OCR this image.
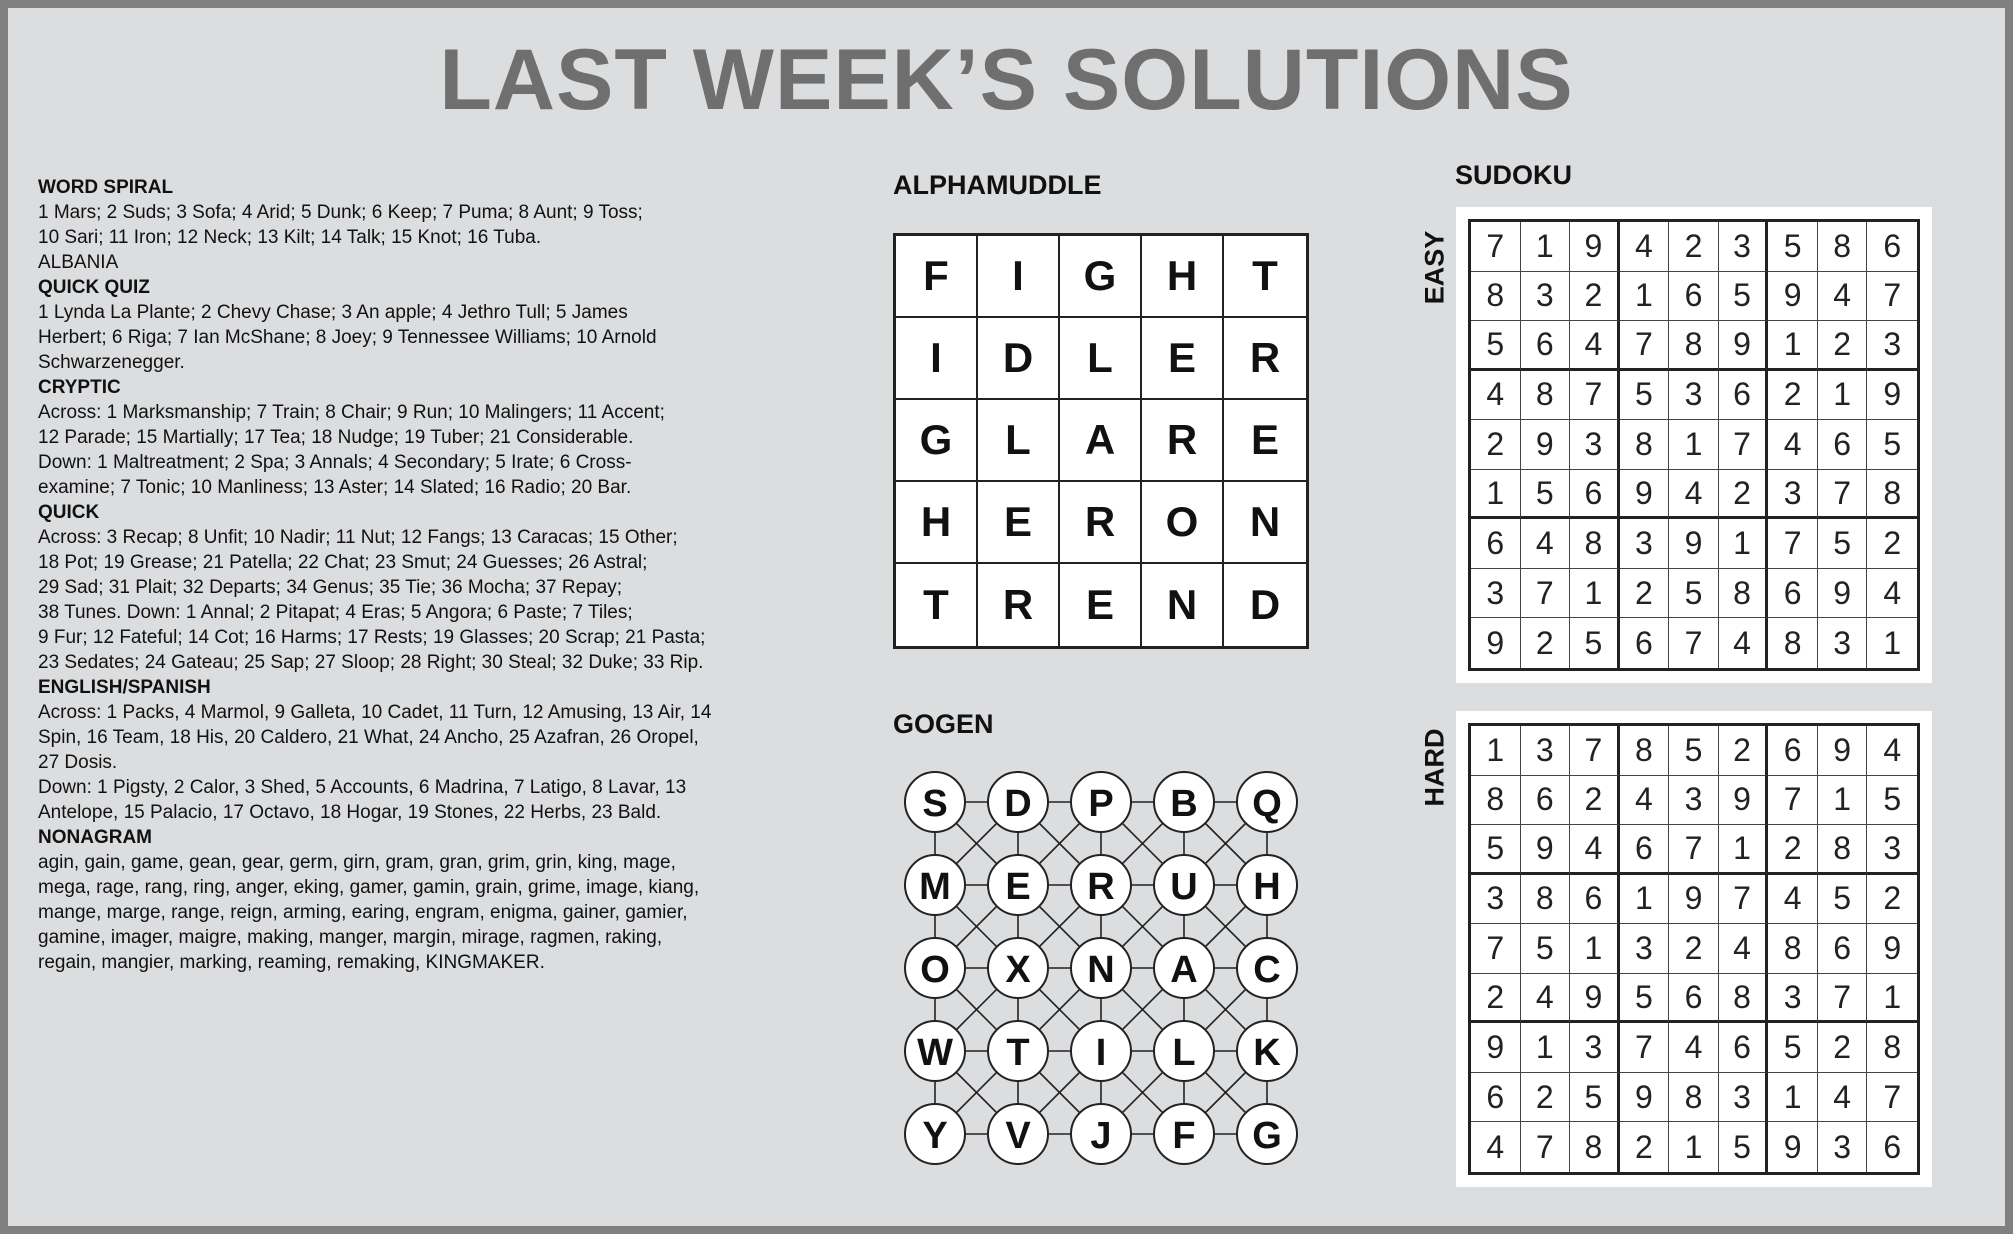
LAST WEEK’S SOLUTIONS
WORD SPIRAL
1 Mars; 2 Suds; 3 Sofa; 4 Arid; 5 Dunk; 6 Keep; 7 Puma; 8 Aunt; 9 Toss;
10 Sari; 11 Iron; 12 Neck; 13 Kilt; 14 Talk; 15 Knot; 16 Tuba.
ALBANIA
QUICK QUIZ
1 Lynda La Plante; 2 Chevy Chase; 3 An apple; 4 Jethro Tull; 5 James
Herbert; 6 Riga; 7 Ian McShane; 8 Joey; 9 Tennessee Williams; 10 Arnold
Schwarzenegger.
CRYPTIC
Across: 1 Marksmanship; 7 Train; 8 Chair; 9 Run; 10 Malingers; 11 Accent;
12 Parade; 15 Martially; 17 Tea; 18 Nudge; 19 Tuber; 21 Considerable.
Down: 1 Maltreatment; 2 Spa; 3 Annals; 4 Secondary; 5 Irate; 6 Cross-
examine; 7 Tonic; 10 Manliness; 13 Aster; 14 Slated; 16 Radio; 20 Bar.
QUICK
Across: 3 Recap; 8 Unfit; 10 Nadir; 11 Nut; 12 Fangs; 13 Caracas; 15 Other;
18 Pot; 19 Grease; 21 Patella; 22 Chat; 23 Smut; 24 Guesses; 26 Astral;
29 Sad; 31 Plait; 32 Departs; 34 Genus; 35 Tie; 36 Mocha; 37 Repay;
38 Tunes. Down: 1 Annal; 2 Pitapat; 4 Eras; 5 Angora; 6 Paste; 7 Tiles;
9 Fur; 12 Fateful; 14 Cot; 16 Harms; 17 Rests; 19 Glasses; 20 Scrap; 21 Pasta;
23 Sedates; 24 Gateau; 25 Sap; 27 Sloop; 28 Right; 30 Steal; 32 Duke; 33 Rip.
ENGLISH/SPANISH
Across: 1 Packs, 4 Marmol, 9 Galleta, 10 Cadet, 11 Turn, 12 Amusing, 13 Air, 14
Spin, 16 Team, 18 His, 20 Caldero, 21 What, 24 Ancho, 25 Azafran, 26 Oropel,
27 Dosis.
Down: 1 Pigsty, 2 Calor, 3 Shed, 5 Accounts, 6 Madrina, 7 Latigo, 8 Lavar, 13
Antelope, 15 Palacio, 17 Octavo, 18 Hogar, 19 Stones, 22 Herbs, 23 Bald.
NONAGRAM
agin, gain, game, gean, gear, germ, girn, gram, gran, grim, grin, king, mage,
mega, rage, rang, ring, anger, eking, gamer, gamin, grain, grime, image, kiang,
mange, marge, range, reign, arming, earing, engram, enigma, gainer, gamier,
gamine, imager, maigre, making, manger, margin, mirage, ragmen, raking,
regain, mangier, marking, reaming, remaking, KINGMAKER.
ALPHAMUDDLE
F	I	G	H	T
I	D	L	E	R
G	L	A	R	E
H	E	R	O	N
T	R	E	N	D
GOGEN
S D P B Q
M E R U H
O X N A C
W T I L K
Y V J F G
SUDOKU
EASY	7 1 9	4 2 3	5 8	6
8 3 2	1 6 5	9 4	7
5 6 4	7 8 9	1 2	3
4 8 7	5 3 6	2 1	9
2 9 3	8 1 7	4 6	5
1 5 6	9 4 2	3 7	8
6 4 8	3 9 1	7 5	2
3 7 1	2 5 8	6 9	4
9 2 5	6 7 4	8 3	1
HARD	1 3 7	8 5 2	6 9	4
8 6 2	4 3 9	7 1	5
5 9 4	6 7 1	2 8	3
3 8 6	1 9 7	4 5	2
7 5 1	3 2 4	8 6	9
2 4 9	5 6 8	3 7	1
9 1 3	7 4 6	5 2	8
6 2 5	9 8 3	1 4	7
4 7 8	2 1 5	9 3	6
